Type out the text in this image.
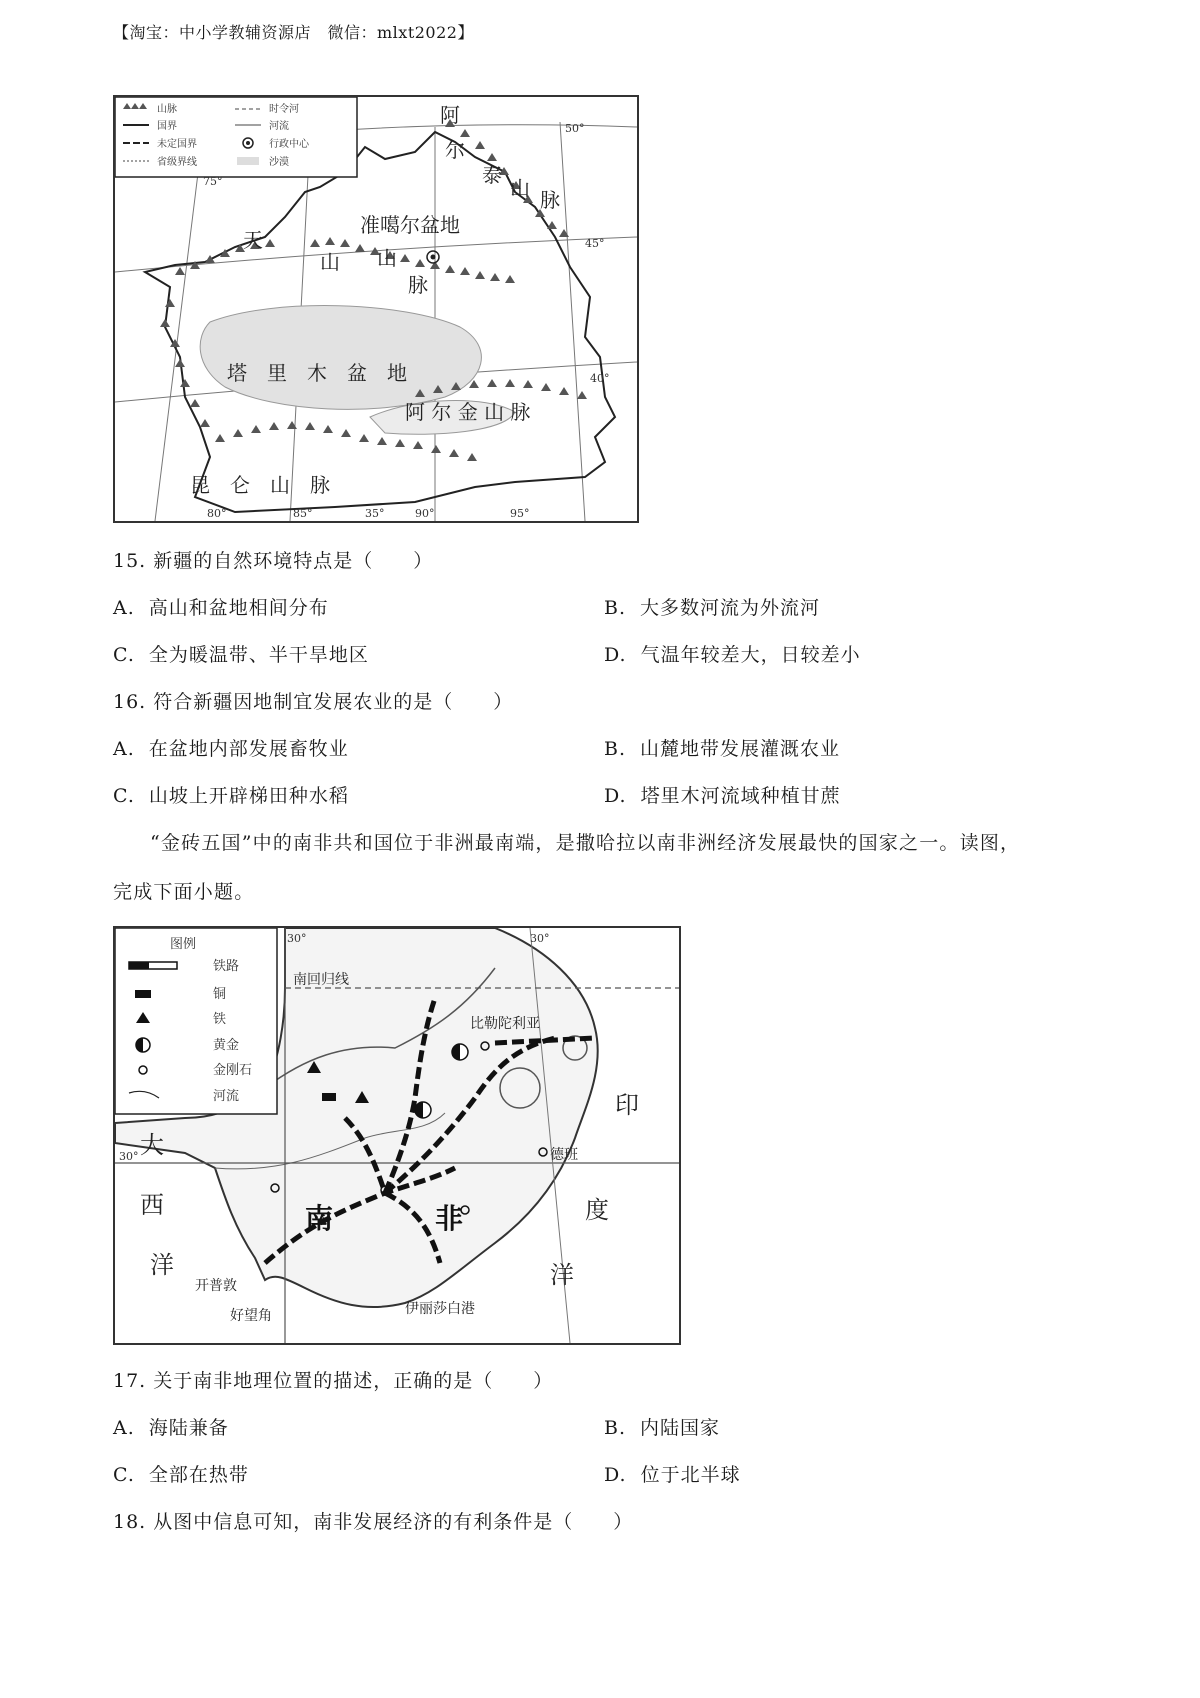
【淘宝：中小学教辅资源店　微信：mlxt2022】
山脉
国界
未定国界
省级界线
时令河
河流
行政中心
沙漠
阿
尔
泰
山 脉
准噶尔盆地
天
山 山
脉
塔　里　木　盆　地
阿 尔 金 山 脉
昆　仑　山　脉
50°
45°
40°
35°
75°
80°	85°	90°	95°
15. 新疆的自然环境特点是（　　）
A. 高山和盆地相间分布	B. 大多数河流为外流河
C. 全为暖温带、半干旱地区	D. 气温年较差大，日较差小
16. 符合新疆因地制宜发展农业的是（　　）
A. 在盆地内部发展畜牧业	B. 山麓地带发展灌溉农业
C. 山坡上开辟梯田种水稻	D. 塔里木河流域种植甘蔗
“金砖五国”中的南非共和国位于非洲最南端，是撒哈拉以南非洲经济发展最快的国家之一。读图，
完成下面小题。
图例
铁路
铜
铁
黄金
金刚石
河流
南回归线
比勒陀利亚
德班
开普敦
好望角	伊丽莎白港
南	非
大
西
洋
印
度
洋
30°	30°
30°
17. 关于南非地理位置的描述，正确的是（　　）
A. 海陆兼备	B. 内陆国家
C. 全部在热带	D. 位于北半球
18. 从图中信息可知，南非发展经济的有利条件是（　　）
